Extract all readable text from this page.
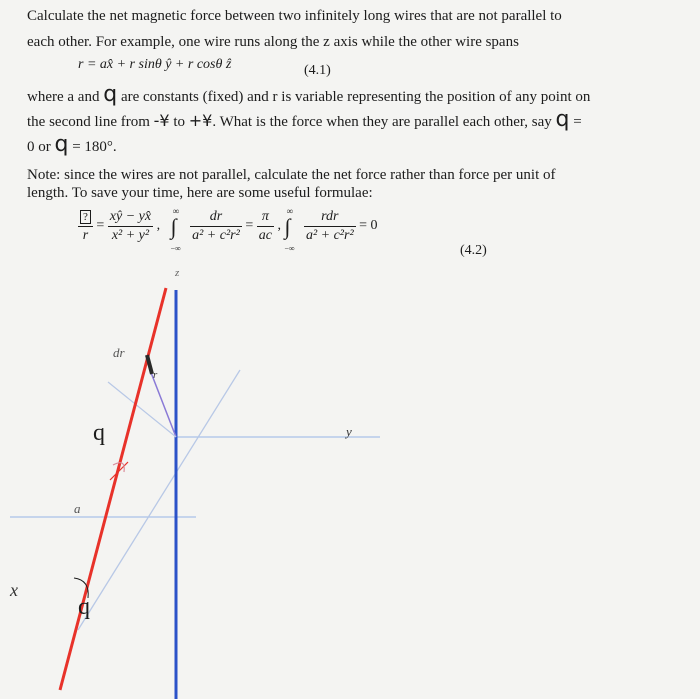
Calculate the net magnetic force between two infinitely long wires that are not parallel to
each other. For example, one wire runs along the z axis while the other wire spans
r = ax̂ + r sinθ ŷ + r cosθ ẑ	(4.1)
where a and q are constants (fixed) and r is variable representing the position of any point on
the second line from -¥ to +¥. What is the force when they are parallel each other, say q =
0 or q = 180°.
Note: since the wires are not parallel, calculate the net force rather than force per unit of
length. To save your time, here are some useful formulae:
$\frac{?}{r} = \frac{xŷ - yx̂}{\text{x² + y²}}$ ,
∞
∫
−∞

$\frac{dr}{\text{a² + c²r²}} = \frac{\pi}{ac}$ ,
∞
∫
−∞

$\frac{\text{rdr}}{\text{a² + c²r²}} = 0$
(4.2)
z
y
x
a
dr
r
q
q
